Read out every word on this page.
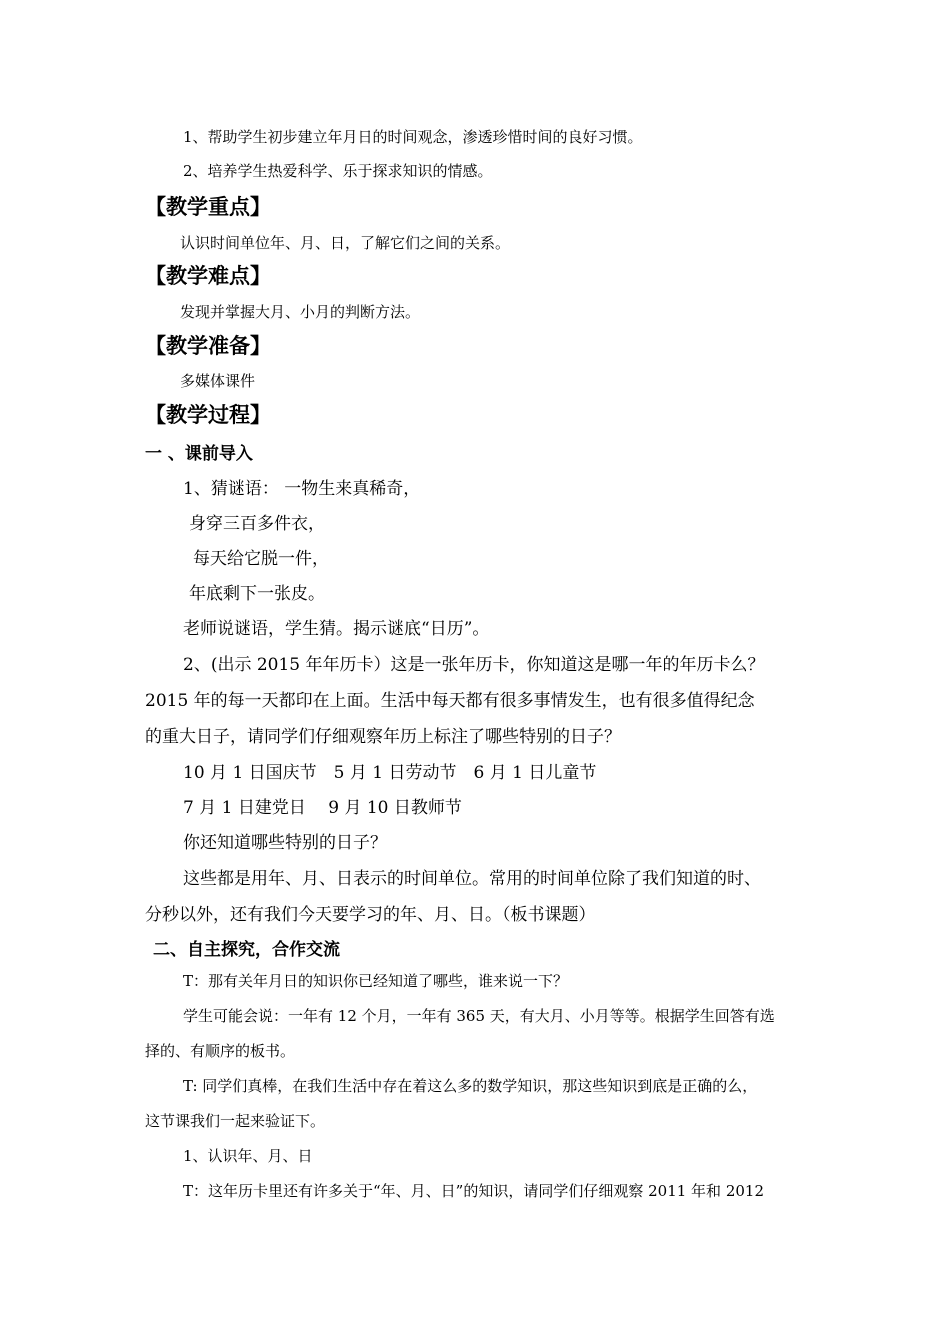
1、帮助学生初步建立年月日的时间观念，渗透珍惜时间的良好习惯。
2、培养学生热爱科学、乐于探求知识的情感。
【教学重点】
认识时间单位年、月、日，了解它们之间的关系。
【教学难点】
发现并掌握大月、小月的判断方法。
【教学准备】
多媒体课件
【教学过程】
一 、课前导入
1、猜谜语： 一物生来真稀奇，
身穿三百多件衣，
每天给它脱一件，
年底剩下一张皮。
老师说谜语，学生猜。揭示谜底“日历”。
2、(出示 2015 年年历卡）这是一张年历卡，你知道这是哪一年的年历卡么？
2015 年的每一天都印在上面。生活中每天都有很多事情发生，也有很多值得纪念
的重大日子，请同学们仔细观察年历上标注了哪些特别的日子？
10 月 1 日国庆节　5 月 1 日劳动节　6 月 1 日儿童节
7 月 1 日建党日　 9 月 10 日教师节
你还知道哪些特别的日子？
这些都是用年、月、日表示的时间单位。常用的时间单位除了我们知道的时、
分秒以外，还有我们今天要学习的年、月、日。（板书课题）
二、自主探究，合作交流
T：那有关年月日的知识你已经知道了哪些，谁来说一下？
学生可能会说：一年有 12 个月，一年有 365 天，有大月、小月等等。根据学生回答有选
择的、有顺序的板书。
T: 同学们真棒，在我们生活中存在着这么多的数学知识，那这些知识到底是正确的么，
这节课我们一起来验证下。
1、认识年、月、日
T：这年历卡里还有许多关于“年、月、日”的知识，请同学们仔细观察 2011 年和 2012
